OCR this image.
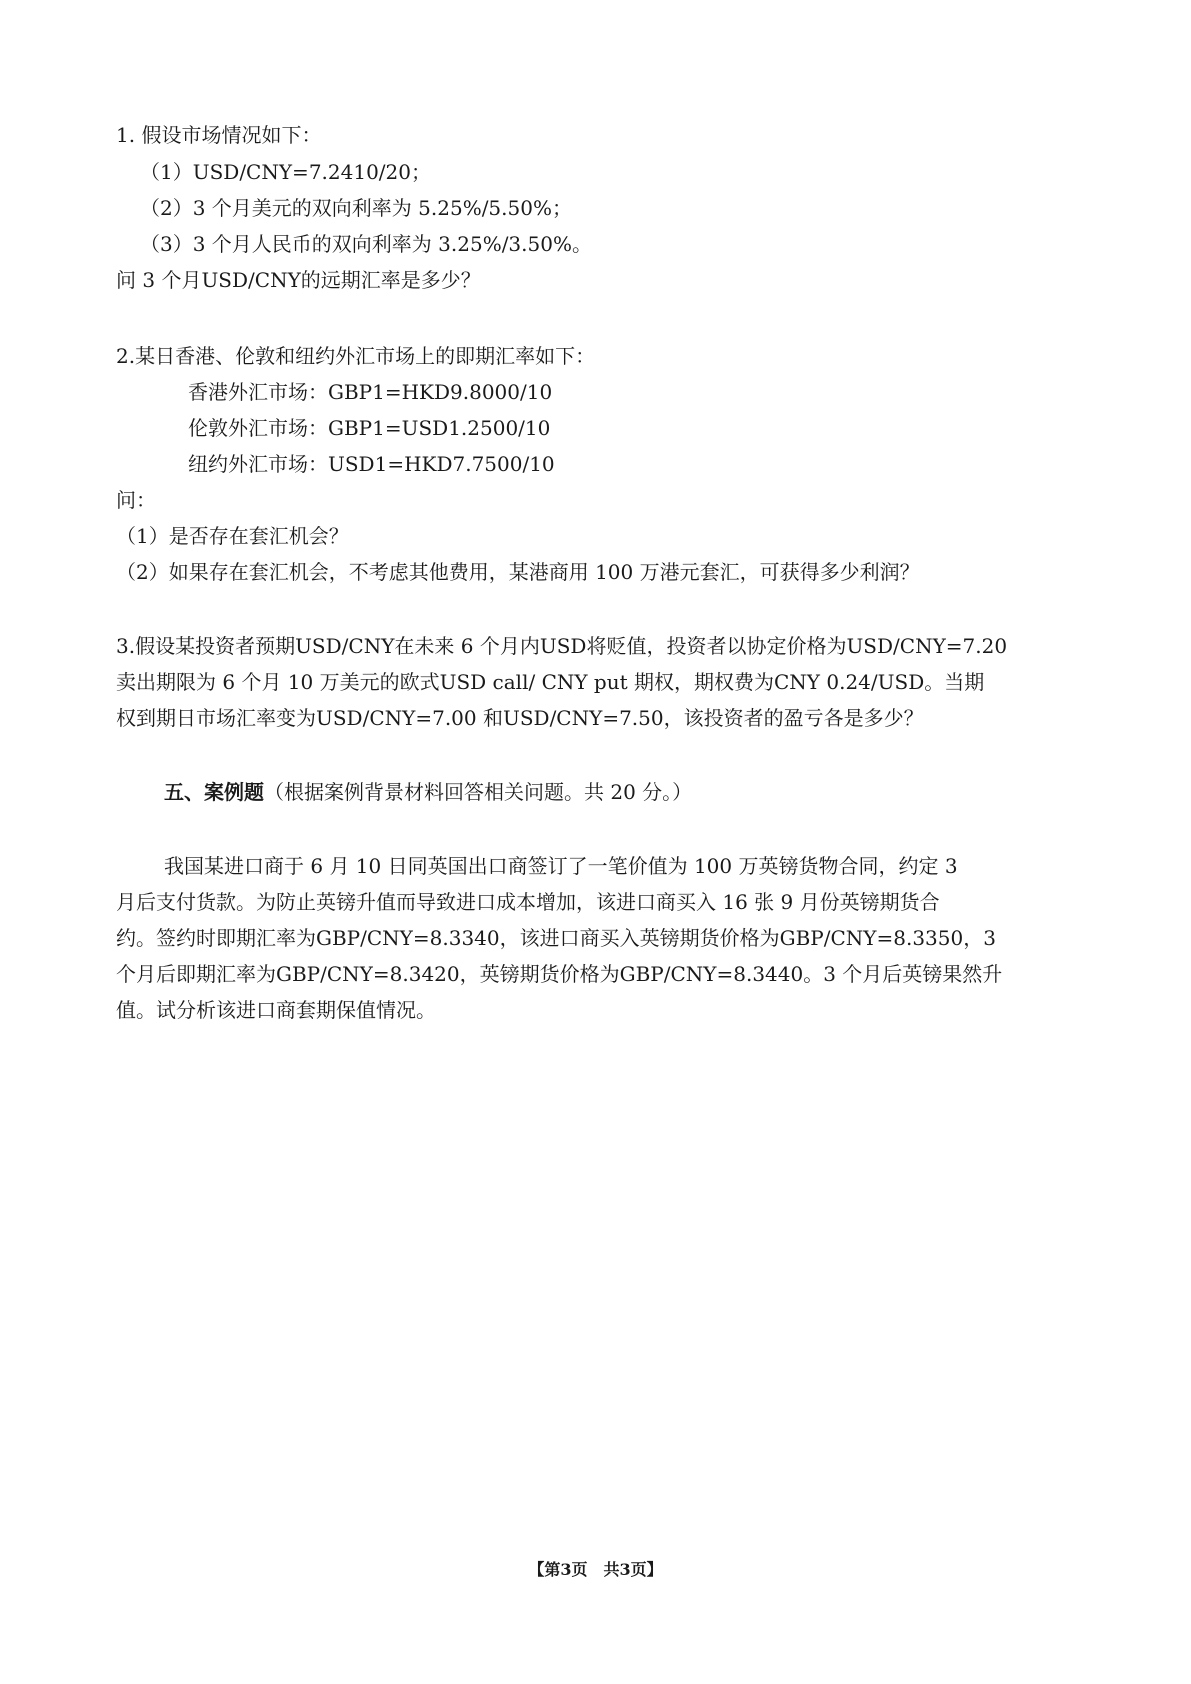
1. 假设市场情况如下：
（1）USD/CNY=7.2410/20；
（2）3 个月美元的双向利率为 5.25%/5.50%；
（3）3 个月人民币的双向利率为 3.25%/3.50%。
问 3 个月USD/CNY的远期汇率是多少？
2.某日香港、伦敦和纽约外汇市场上的即期汇率如下：
香港外汇市场：GBP1=HKD9.8000/10
伦敦外汇市场：GBP1=USD1.2500/10
纽约外汇市场：USD1=HKD7.7500/10
问：
（1）是否存在套汇机会？
（2）如果存在套汇机会，不考虑其他费用，某港商用 100 万港元套汇，可获得多少利润？
3.假设某投资者预期USD/CNY在未来 6 个月内USD将贬值，投资者以协定价格为USD/CNY=7.20
卖出期限为 6 个月 10 万美元的欧式USD call/ CNY put 期权，期权费为CNY 0.24/USD。当期
权到期日市场汇率变为USD/CNY=7.00 和USD/CNY=7.50，该投资者的盈亏各是多少？
五、案例题（根据案例背景材料回答相关问题。共 20 分。）
我国某进口商于 6 月 10 日同英国出口商签订了一笔价值为 100 万英镑货物合同，约定 3
月后支付货款。为防止英镑升值而导致进口成本增加，该进口商买入 16 张 9 月份英镑期货合
约。签约时即期汇率为GBP/CNY=8.3340，该进口商买入英镑期货价格为GBP/CNY=8.3350，3
个月后即期汇率为GBP/CNY=8.3420，英镑期货价格为GBP/CNY=8.3440。3 个月后英镑果然升
值。试分析该进口商套期保值情况。
【第3页　共3页】
